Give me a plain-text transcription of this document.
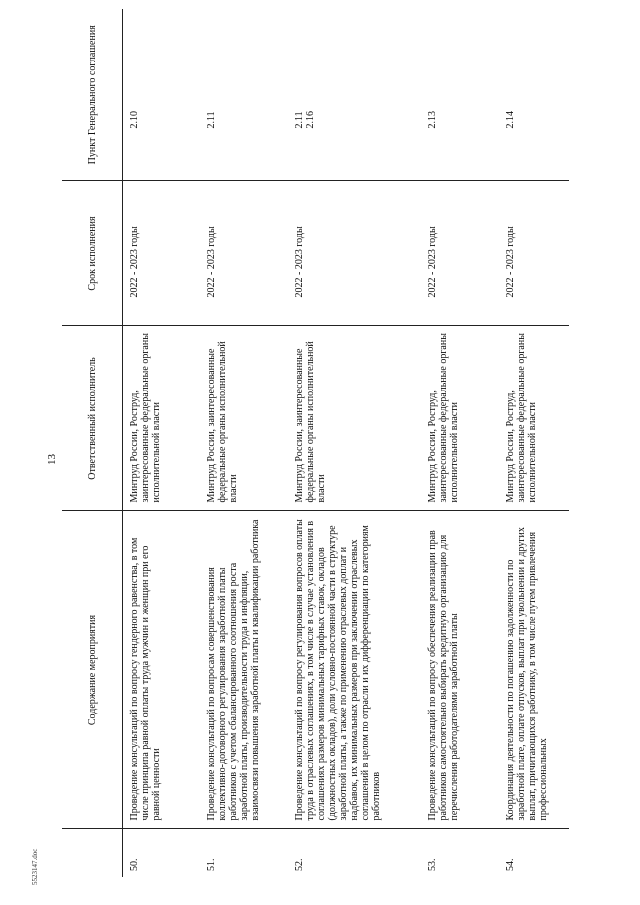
13
	Содержание мероприятия	Ответственный исполнитель	Срок исполнения	Пункт Генерального соглашения
50.	Проведение консультаций по вопросу гендерного равенства, в том числе принципа равной оплаты труда мужчин и женщин при его равной ценности	Минтруд России, Роструд, заинтересованные федеральные органы исполнительной власти	2022 - 2023 годы	2.10

51.	Проведение консультаций по вопросам совершенствования коллективно-договорного регулирования заработной платы работников с учетом сбалансированного соотношения роста заработной платы, производительности труда и инфляции, взаимосвязи повышения заработной платы и квалификации работника	Минтруд России, заинтересованные федеральные органы исполнительной власти	2022 - 2023 годы	2.11

52.	Проведение консультаций по вопросу регулирования вопросов оплаты труда в отраслевых соглашениях, в том числе в случае установления в соглашениях размеров минимальных тарифных ставок, окладов (должностных окладов), доли условно-постоянной части в структуре заработной платы, а также по применению отраслевых доплат и надбавок, их минимальных размеров при заключении отраслевых соглашений в целом по отрасли и их дифференциации по категориям работников	Минтруд России, заинтересованные федеральные органы исполнительной власти	2022 - 2023 годы	2.11 2.16

53.	Проведение консультаций по вопросу обеспечения реализации прав работников самостоятельно выбирать кредитную организацию для перечисления работодателями заработной платы	Минтруд России, Роструд, заинтересованные федеральные органы исполнительной власти	2022 - 2023 годы	2.13

54.	Координация деятельности по погашению задолженности по заработной плате, оплате отпусков, выплат при увольнении и других выплат, причитающихся работнику, в том числе путем привлечения профессиональных	Минтруд России, Роструд, заинтересованные федеральные органы исполнительной власти	2022 - 2023 годы	2.14
5523147.doc
